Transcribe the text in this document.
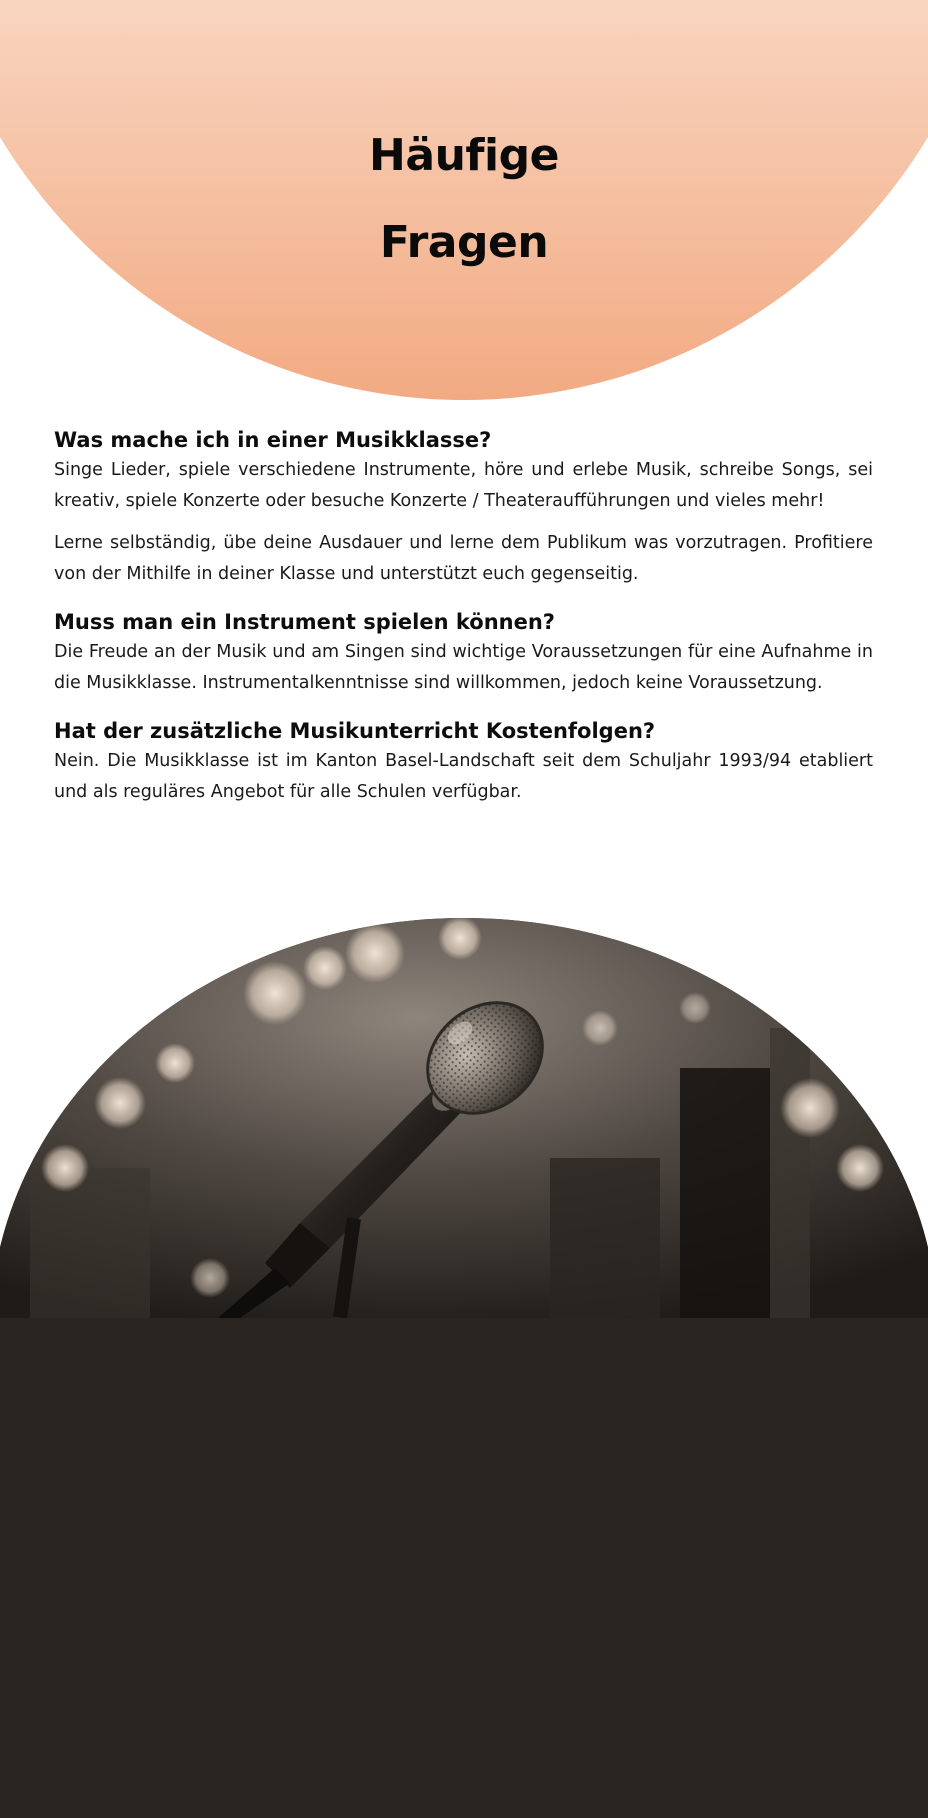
Häufige
Fragen
Was mache ich in einer Musikklasse?

Singe Lieder, spiele verschiedene Instrumente, höre und erlebe Musik, schreibe Songs, sei kreativ, spiele Konzerte oder besuche Konzerte / Theateraufführungen und vieles mehr!

Lerne selbständig, übe deine Ausdauer und lerne dem Publikum was vorzutragen. Profitiere von der Mithilfe in deiner Klasse und unterstützt euch gegenseitig.

Muss man ein Instrument spielen können?

Die Freude an der Musik und am Singen sind wichtige Voraussetzungen für eine Aufnahme in die Musikklasse. Instrumentalkenntnisse sind willkommen, jedoch keine Voraussetzung.

Hat der zusätzliche Musikunterricht Kostenfolgen?

Nein. Die Musikklasse ist im Kanton Basel-Landschaft seit dem Schuljahr 1993/94 etabliert und als reguläres Angebot für alle Schulen verfügbar.
